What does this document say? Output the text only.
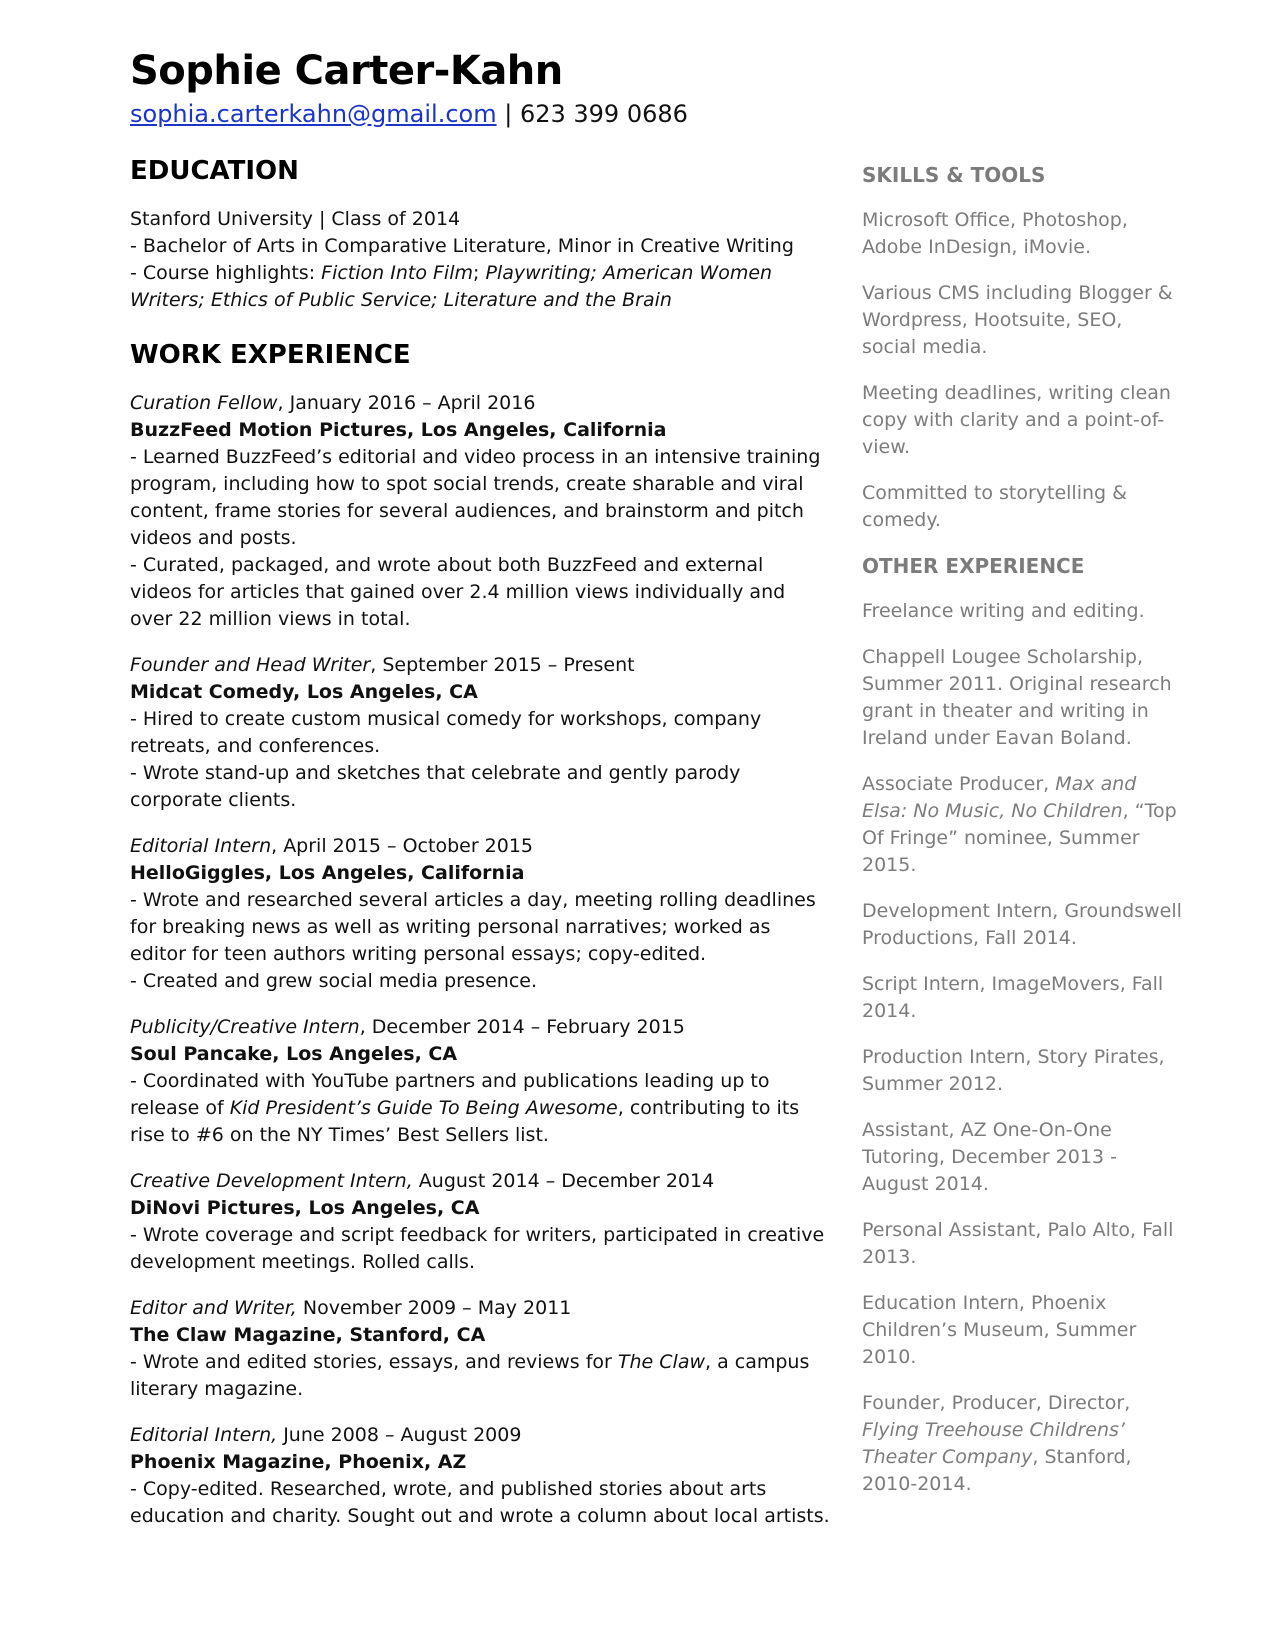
Sophie Carter-Kahn
sophia.carterkahn@gmail.com | 623 399 0686
EDUCATION

Stanford University | Class of 2014

- Bachelor of Arts in Comparative Literature, Minor in Creative Writing

- Course highlights: Fiction Into Film; Playwriting; American Women Writers; Ethics of Public Service; Literature and the Brain

WORK EXPERIENCE

Curation Fellow, January 2016 – April 2016

BuzzFeed Motion Pictures, Los Angeles, California

- Learned BuzzFeed’s editorial and video process in an intensive training program, including how to spot social trends, create sharable and viral content, frame stories for several audiences, and brainstorm and pitch videos and posts.

- Curated, packaged, and wrote about both BuzzFeed and external videos for articles that gained over 2.4 million views individually and over 22 million views in total.

Founder and Head Writer, September 2015 – Present

Midcat Comedy, Los Angeles, CA

- Hired to create custom musical comedy for workshops, company retreats, and conferences.

- Wrote stand-up and sketches that celebrate and gently parody corporate clients.

Editorial Intern, April 2015 – October 2015

HelloGiggles, Los Angeles, California

- Wrote and researched several articles a day, meeting rolling deadlines for breaking news as well as writing personal narratives; worked as editor for teen authors writing personal essays; copy-edited.

- Created and grew social media presence.

Publicity/Creative Intern, December 2014 – February 2015

Soul Pancake, Los Angeles, CA

- Coordinated with YouTube partners and publications leading up to release of Kid President’s Guide To Being Awesome, contributing to its rise to #6 on the NY Times’ Best Sellers list.

Creative Development Intern, August 2014 – December 2014

DiNovi Pictures, Los Angeles, CA

- Wrote coverage and script feedback for writers, participated in creative development meetings. Rolled calls.

Editor and Writer, November 2009 – May 2011

The Claw Magazine, Stanford, CA

- Wrote and edited stories, essays, and reviews for The Claw, a campus literary magazine.

Editorial Intern, June 2008 – August 2009

Phoenix Magazine, Phoenix, AZ

- Copy-edited. Researched, wrote, and published stories about arts education and charity. Sought out and wrote a column about local artists.

SKILLS & TOOLS

Microsoft Office, Photoshop, Adobe InDesign, iMovie.

Various CMS including Blogger & Wordpress, Hootsuite, SEO, social media.

Meeting deadlines, writing clean copy with clarity and a point-of-view.

Committed to storytelling & comedy.

OTHER EXPERIENCE

Freelance writing and editing.

Chappell Lougee Scholarship, Summer 2011. Original research grant in theater and writing in Ireland under Eavan Boland.

Associate Producer, Max and Elsa: No Music, No Children, “Top Of Fringe” nominee, Summer 2015.

Development Intern, Groundswell Productions, Fall 2014.

Script Intern, ImageMovers, Fall 2014.

Production Intern, Story Pirates, Summer 2012.

Assistant, AZ One-On-One Tutoring, December 2013 - August 2014.

Personal Assistant, Palo Alto, Fall 2013.

Education Intern, Phoenix Children’s Museum, Summer 2010.

Founder, Producer, Director, Flying Treehouse Childrens’ Theater Company, Stanford, 2010-2014.
